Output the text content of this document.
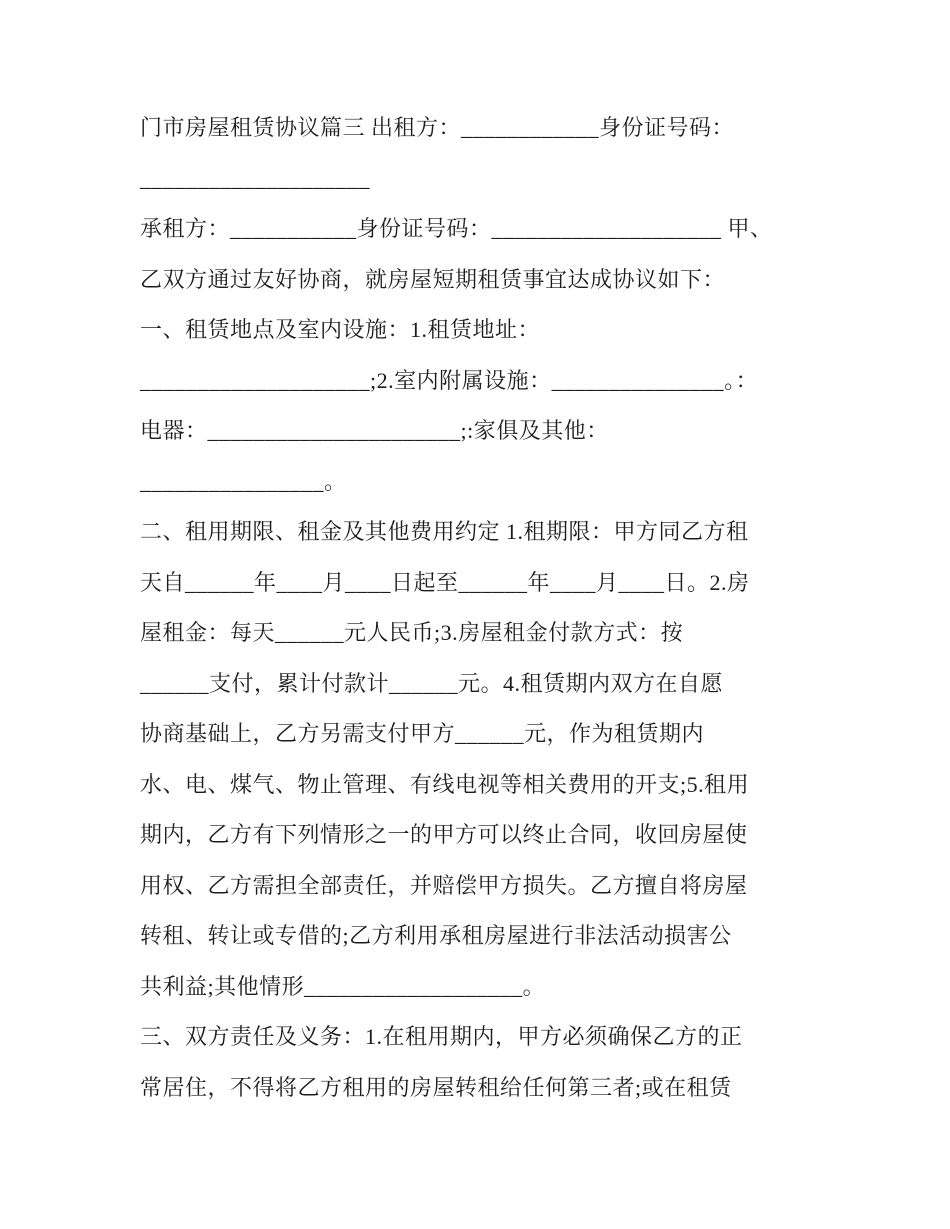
门市房屋租赁协议篇三 出租方：____________身份证号码：
____________________
承租方：___________身份证号码：____________________ 甲、
乙双方通过友好协商，就房屋短期租赁事宜达成协议如下：
一、租赁地点及室内设施：1.租赁地址：
____________________;2.室内附属设施：_______________。：
电器：______________________;:家俱及其他：
________________。
二、租用期限、租金及其他费用约定 1.租期限：甲方同乙方租
天自______年____月____日起至______年____月____日。2.房
屋租金：每天______元人民币;3.房屋租金付款方式：按
______支付，累计付款计______元。4.租赁期内双方在自愿
协商基础上，乙方另需支付甲方______元，作为租赁期内
水、电、煤气、物止管理、有线电视等相关费用的开支;5.租用
期内，乙方有下列情形之一的甲方可以终止合同，收回房屋使
用权、乙方需担全部责任，并赔偿甲方损失。乙方擅自将房屋
转租、转让或专借的;乙方利用承租房屋进行非法活动损害公
共利益;其他情形___________________。
三、双方责任及义务：1.在租用期内，甲方必须确保乙方的正
常居住，不得将乙方租用的房屋转租给任何第三者;或在租赁
